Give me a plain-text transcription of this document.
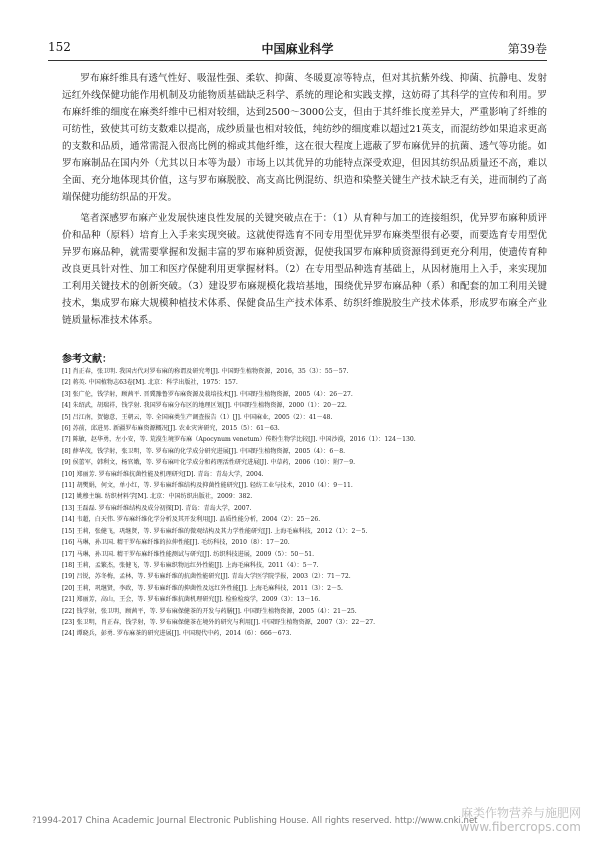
152	中国麻业科学	第39卷

罗布麻纤维具有透气性好、吸湿性强、柔软、抑菌、冬暖夏凉等特点，但对其抗紫外线、抑菌、抗静电、发射远红外线保健功能作用机制及功能物质基础缺乏科学、系统的理论和实践支撑，这妨碍了其科学的宣传和利用。罗布麻纤维的细度在麻类纤维中已相对较细，达到2500～3000公支，但由于其纤维长度差异大，严重影响了纤维的可纺性，致使其可纺支数难以提高，成纱质量也相对较低，纯纺纱的细度难以超过21英支，而混纺纱如果追求更高的支数和品质，通常需混入很高比例的棉或其他纤维，这在很大程度上遮蔽了罗布麻优异的抗菌、透气等功能。如罗布麻制品在国内外（尤其以日本等为最）市场上以其优异的功能特点深受欢迎，但因其纺织品质量还不高，难以全面、充分地体现其价值，这与罗布麻脱胶、高支高比例混纺、织造和染整关键生产技术缺乏有关，进而制约了高端保健功能纺织品的开发。

笔者深感罗布麻产业发展快速良性发展的关键突破点在于：（1）从育种与加工的连接组织，优异罗布麻种质评价和品种（原料）培育上入手来实现突破。这就使得选育不同专用型优异罗布麻类型很有必要，而要选育专用型优异罗布麻品种，就需要掌握和发掘丰富的罗布麻种质资源，促使我国罗布麻种质资源得到更充分利用，使遗传育种改良更具针对性、加工和医疗保健利用更掌握材料。（2）在专用型品种选育基础上，从因材施用上入手，来实现加工利用关键技术的创新突破。（3）建设罗布麻规模化栽培基地，围绕优异罗布麻品种（系）和配套的加工利用关键技术，集成罗布麻大规模种植技术体系、保健食品生产技术体系、纺织纤维脱胶生产技术体系，形成罗布麻全产业链质量标准技术体系。

参考文献：
[1] 肖正春，张卫明. 我国古代对罗布麻的称谓及研究考[J]. 中国野生植物资源，2016，35（3）：55－57.
[2] 蒋英. 中国植物志63卷[M]. 北京：科学出版社，1975：157.
[3] 张广伦，钱学射，顾茜平. 晋冀豫鲁罗布麻资源及栽培技术[J]. 中国野生植物资源，2005（4）：26－27.
[4] 朱绍武，胡瑞祥，钱学射. 我国罗布麻分布区的地理区划[J]. 中国野生植物资源，2000（1）：20－22.
[5] 吕江南，贺德意，王朝云，等. 全国麻类生产调查报告（1）[J]. 中国麻业，2005（2）：41－48.
[6] 苏前，邱进男. 新疆罗布麻资源概况[J]. 农业灾害研究，2015（5）：61－63.
[7] 陈敏，赵华勇，左小安，等. 荒漠生境罗布麻（Apocynum venetum）传粉生物学比较[J]. 中国沙漠，2016（1）：124－130.
[8] 薛华茂，钱学射，张卫明，等. 罗布麻的化学成分研究进展[J]. 中国野生植物资源，2005（4）：6－8.
[9] 侯蕾军，韩利文，杨官娥，等. 罗布麻叶化学成分和药理活性研究进展[J]. 中草药，2006（10）：附7－9.
[10] 郑丽芳. 罗布麻纤维抗菌性能及机理研究[D]. 青岛：青岛大学，2004.
[11] 胡樊娟，何文，单小红，等. 罗布麻纤维结构及抑菌性能研究[J]. 轻纺工业与技术，2010（4）：9－11.
[12] 姚穆主编. 纺织材料学[M]. 北京：中国纺织出版社，2009：382.
[13] 王磊磊. 罗布麻纤维结构及成分初探[D]. 青岛：青岛大学，2007.
[14] 韦超，白天伟. 罗布麻纤维化学分析及其开发利用[J]. 品质性能分析，2004（2）：25－26.
[15] 王莉，张健飞，巩继贤，等. 罗布麻纤维的微观结构及其力学性能研究[J]. 上海毛麻科技，2012（1）：2－5.
[16] 马琳，孙卫国. 精干罗布麻纤维的拉伸性能[J]. 毛纺科技，2010（8）：17－20.
[17] 马琳，孙卫国. 精干罗布麻纤维性能测试与研究[J]. 纺织科技进展，2009（5）：50－51.
[18] 王莉，孟繁杰，张健飞，等. 罗布麻织物远红外性能[J]. 上海毛麻科技，2011（4）：5－7.
[19] 吕锐，苏冬梅，孟林，等. 罗布麻纤维的抗菌性能研究[J]. 青岛大学医学院学报，2003（2）：71－72.
[20] 王莉，巩继贤，李政，等. 罗布麻纤维的抑菌性及远红外性能[J]. 上海毛麻科技，2011（3）：2－5.
[21] 郑丽芳，高山，王会，等. 罗布麻纤维抗菌机理研究[J]. 检验检疫学，2009（3）：13－16.
[22] 钱学射，张卫明，顾茜平，等. 罗布麻保健茶的开发与药膳[J]. 中国野生植物资源，2005（4）：21－25.
[23] 张卫明，肖正春，钱学射，等. 罗布麻保健茶在境外的研究与利用[J]. 中国野生植物资源，2007（3）：22－27.
[24] 谭晓兵，彭勇. 罗布麻茶的研究进展[J]. 中国现代中药，2014（6）：666－673.
?1994-2017 China Academic Journal Electronic Publishing House. All rights reserved. http://www.cnki.net
麻类作物营养与施肥网
www.fibercrops.com
